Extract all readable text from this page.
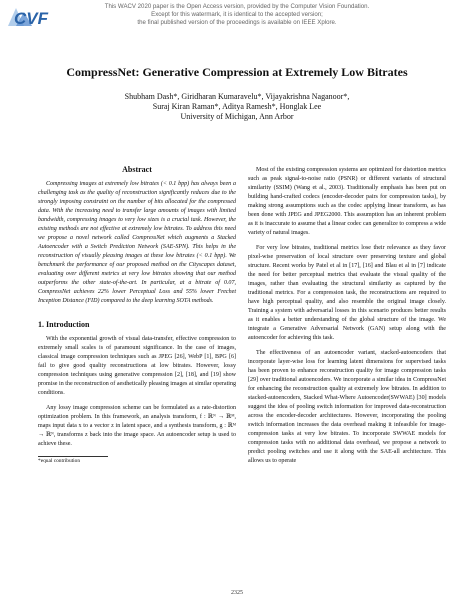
CVF
This WACV 2020 paper is the Open Access version, provided by the Computer Vision Foundation.
Except for this watermark, it is identical to the accepted version;
the final published version of the proceedings is available on IEEE Xplore.
CompressNet: Generative Compression at Extremely Low Bitrates
Shubham Dash*, Giridharan Kumaravelu*, Vijayakrishna Naganoor*,
Suraj Kiran Raman*, Aditya Ramesh*, Honglak Lee
University of Michigan, Ann Arbor
Abstract

Compressing images at extremely low bitrates (< 0.1 bpp) has always been a challenging task as the quality of reconstruction significantly reduces due to the strongly imposing constraint on the number of bits allocated for the compressed data. With the increasing need to transfer large amounts of images with limited bandwidth, compressing images to very low sizes is a crucial task. However, the existing methods are not effective at extremely low bitrates. To address this need we propose a novel network called CompressNet which augments a Stacked Autoencoder with a Switch Prediction Network (SAE-SPN). This helps in the reconstruction of visually pleasing images at these low bitrates (< 0.1 bpp). We benchmark the performance of our proposed method on the Cityscapes dataset, evaluating over different metrics at very low bitrates showing that our method outperforms the other state-of-the-art. In particular, at a bitrate of 0.07, CompressNet achieves 22% lower Perceptual Loss and 55% lower Frechet Inception Distance (FID) compared to the deep learning SOTA methods.

1. Introduction

With the exponential growth of visual data-transfer, effective compression to extremely small scales is of paramount significance. In the case of images, classical image compression techniques such as JPEG [26], WebP [1], BPG [6] fail to give good quality reconstructions at low bitrates. However, lossy compression techniques using generative compression [2], [18], and [19] show promise in the reconstruction of aesthetically pleasing images at similar operating conditions.

Any lossy image compression scheme can be formulated as a rate-distortion optimization problem. In this framework, an analysis transform, f : ℝᴺ → ℝᴹ, maps input data x to a vector z in latent space, and a synthesis transform, g : ℝᴹ → ℝᴺ, transforms z back into the image space. An autoencoder setup is used to achieve these.

*equal contribution

Most of the existing compression systems are optimized for distortion metrics such as peak signal-to-noise ratio (PSNR) or different variants of structural similarity (SSIM) (Wang et al., 2003). Traditionally emphasis has been put on building hand-crafted codecs (encoder-decoder pairs for compression tasks), by making strong assumptions such as the codec applying linear transform, as has been done with JPEG and JPEG2000. This assumption has an inherent problem as it is inaccurate to assume that a linear codec can generalize to compress a wide variety of natural images.

For very low bitrates, traditional metrics lose their relevance as they favor pixel-wise preservation of local structure over preserving texture and global structure. Recent works by Patel et al in [17], [16] and Blau et al in [7] indicate the need for better perceptual metrics that evaluate the visual quality of the images, rather than evaluating the structural similarity as captured by the traditional metrics. For a compression task, the reconstructions are required to have high perceptual quality, and also resemble the original image closely. Training a system with adversarial losses in this scenario produces better results as it enables a better understanding of the global structure of the image. We integrate a Generative Adversarial Network (GAN) setup along with the autoencoder for achieving this task.

The effectiveness of an autoencoder variant, stacked-autoencoders that incorporate layer-wise loss for learning latent dimensions for supervised tasks has been proven to enhance reconstruction quality for image compression tasks [29] over traditional autoencoders. We incorporate a similar idea in CompressNet for enhancing the reconstruction quality at extremely low bitrates. In addition to stacked-autoencoders, Stacked What-Where Autoencoder(SWWAE) [30] models suggest the idea of pooling switch information for improved data-reconstruction across the encoder-decoder architectures. However, incorporating the pooling switch information increases the data overhead making it infeasible for image-compression tasks at very low bitrates. To incorporate SWWAE models for compression tasks with no additional data overhead, we propose a network to predict pooling switches and use it along with the SAE-all architecture. This allows us to operate

2325
